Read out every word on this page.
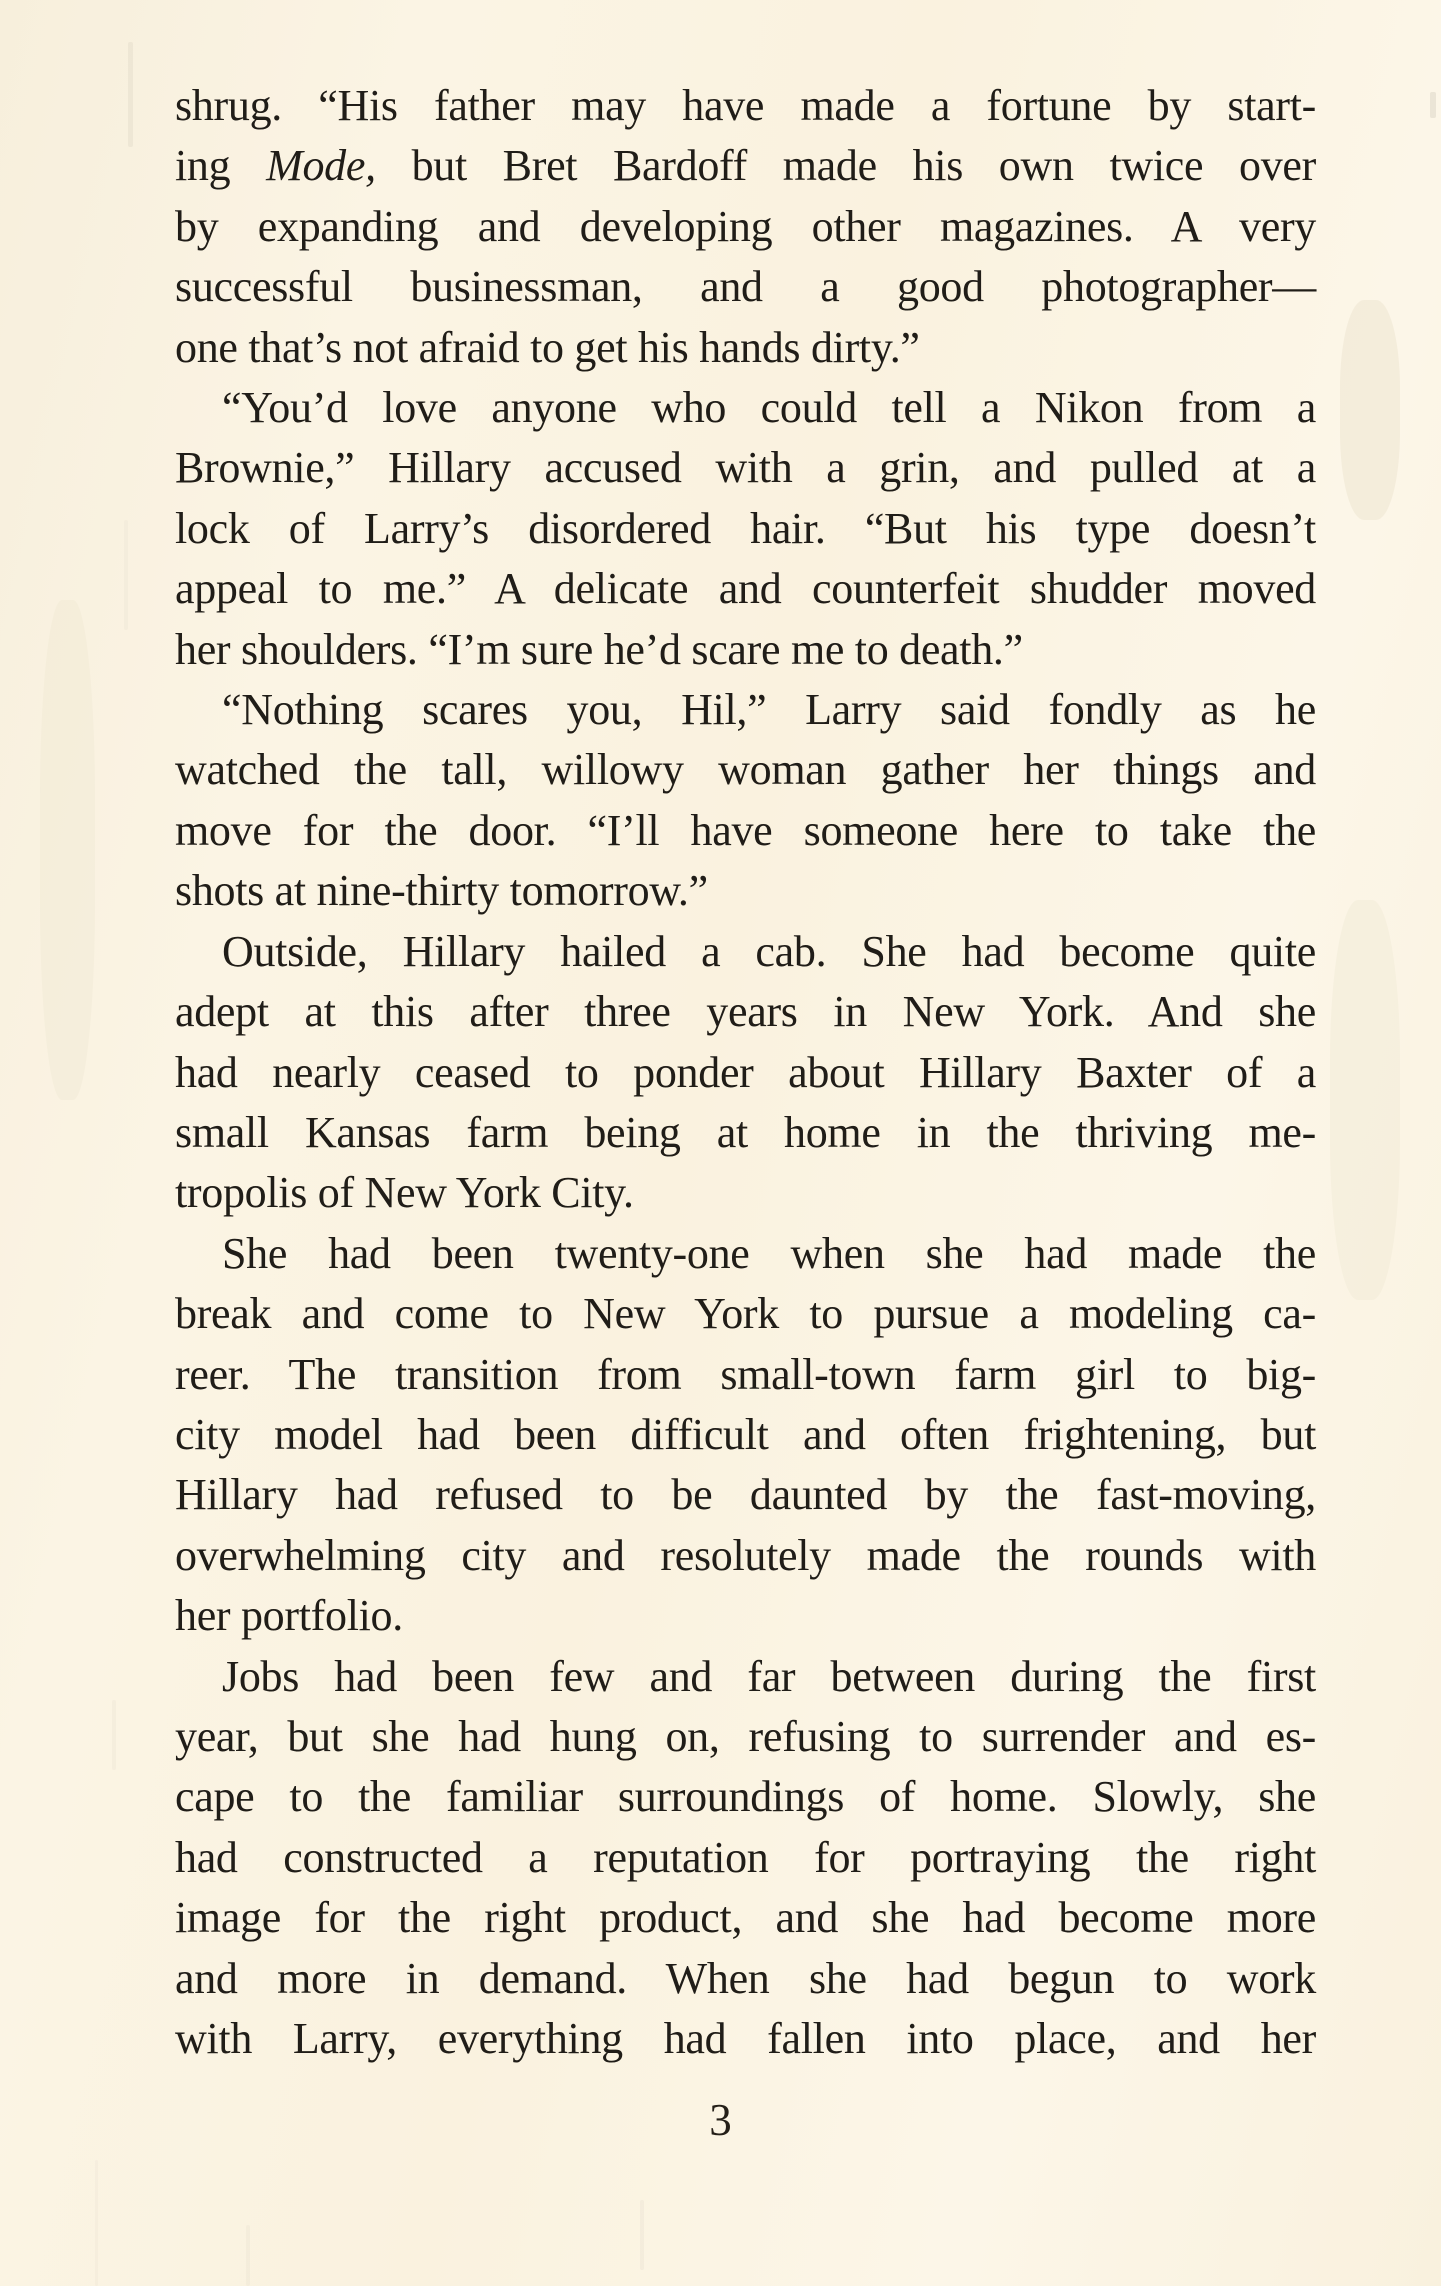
shrug. “His father may have made a fortune by start-
ing Mode, but Bret Bardoff made his own twice over
by expanding and developing other magazines. A very
successful businessman, and a good photographer—
one that’s not afraid to get his hands dirty.”
“You’d love anyone who could tell a Nikon from a
Brownie,” Hillary accused with a grin, and pulled at a
lock of Larry’s disordered hair. “But his type doesn’t
appeal to me.” A delicate and counterfeit shudder moved
her shoulders. “I’m sure he’d scare me to death.”
“Nothing scares you, Hil,” Larry said fondly as he
watched the tall, willowy woman gather her things and
move for the door. “I’ll have someone here to take the
shots at nine-thirty tomorrow.”
Outside, Hillary hailed a cab. She had become quite
adept at this after three years in New York. And she
had nearly ceased to ponder about Hillary Baxter of a
small Kansas farm being at home in the thriving me-
tropolis of New York City.
She had been twenty-one when she had made the
break and come to New York to pursue a modeling ca-
reer. The transition from small-town farm girl to big-
city model had been difficult and often frightening, but
Hillary had refused to be daunted by the fast-moving,
overwhelming city and resolutely made the rounds with
her portfolio.
Jobs had been few and far between during the first
year, but she had hung on, refusing to surrender and es-
cape to the familiar surroundings of home. Slowly, she
had constructed a reputation for portraying the right
image for the right product, and she had become more
and more in demand. When she had begun to work
with Larry, everything had fallen into place, and her
3
